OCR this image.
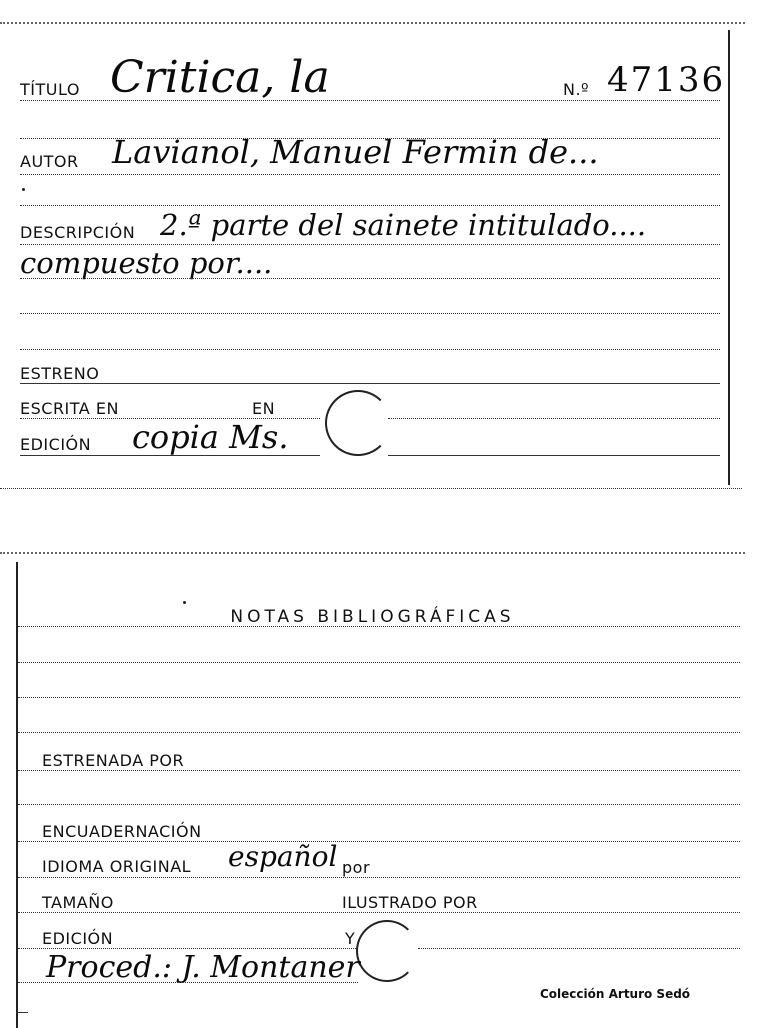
TÍTULO Critica, la	N.º 47136
AUTOR Lavianol, Manuel Fermin de...
DESCRIPCIÓN 2.ª parte del sainete intitulado....
compuesto por....
ESTRENO
ESCRITA EN	EN
EDICIÓN copia Ms.
NOTAS BIBLIOGRÁFICAS
ESTRENADA POR
ENCUADERNACIÓN
IDIOMA ORIGINAL español por
TAMAÑO	ILUSTRADO POR
EDICIÓN	Y
Proced.: J. Montaner
Colección Arturo Sedó
